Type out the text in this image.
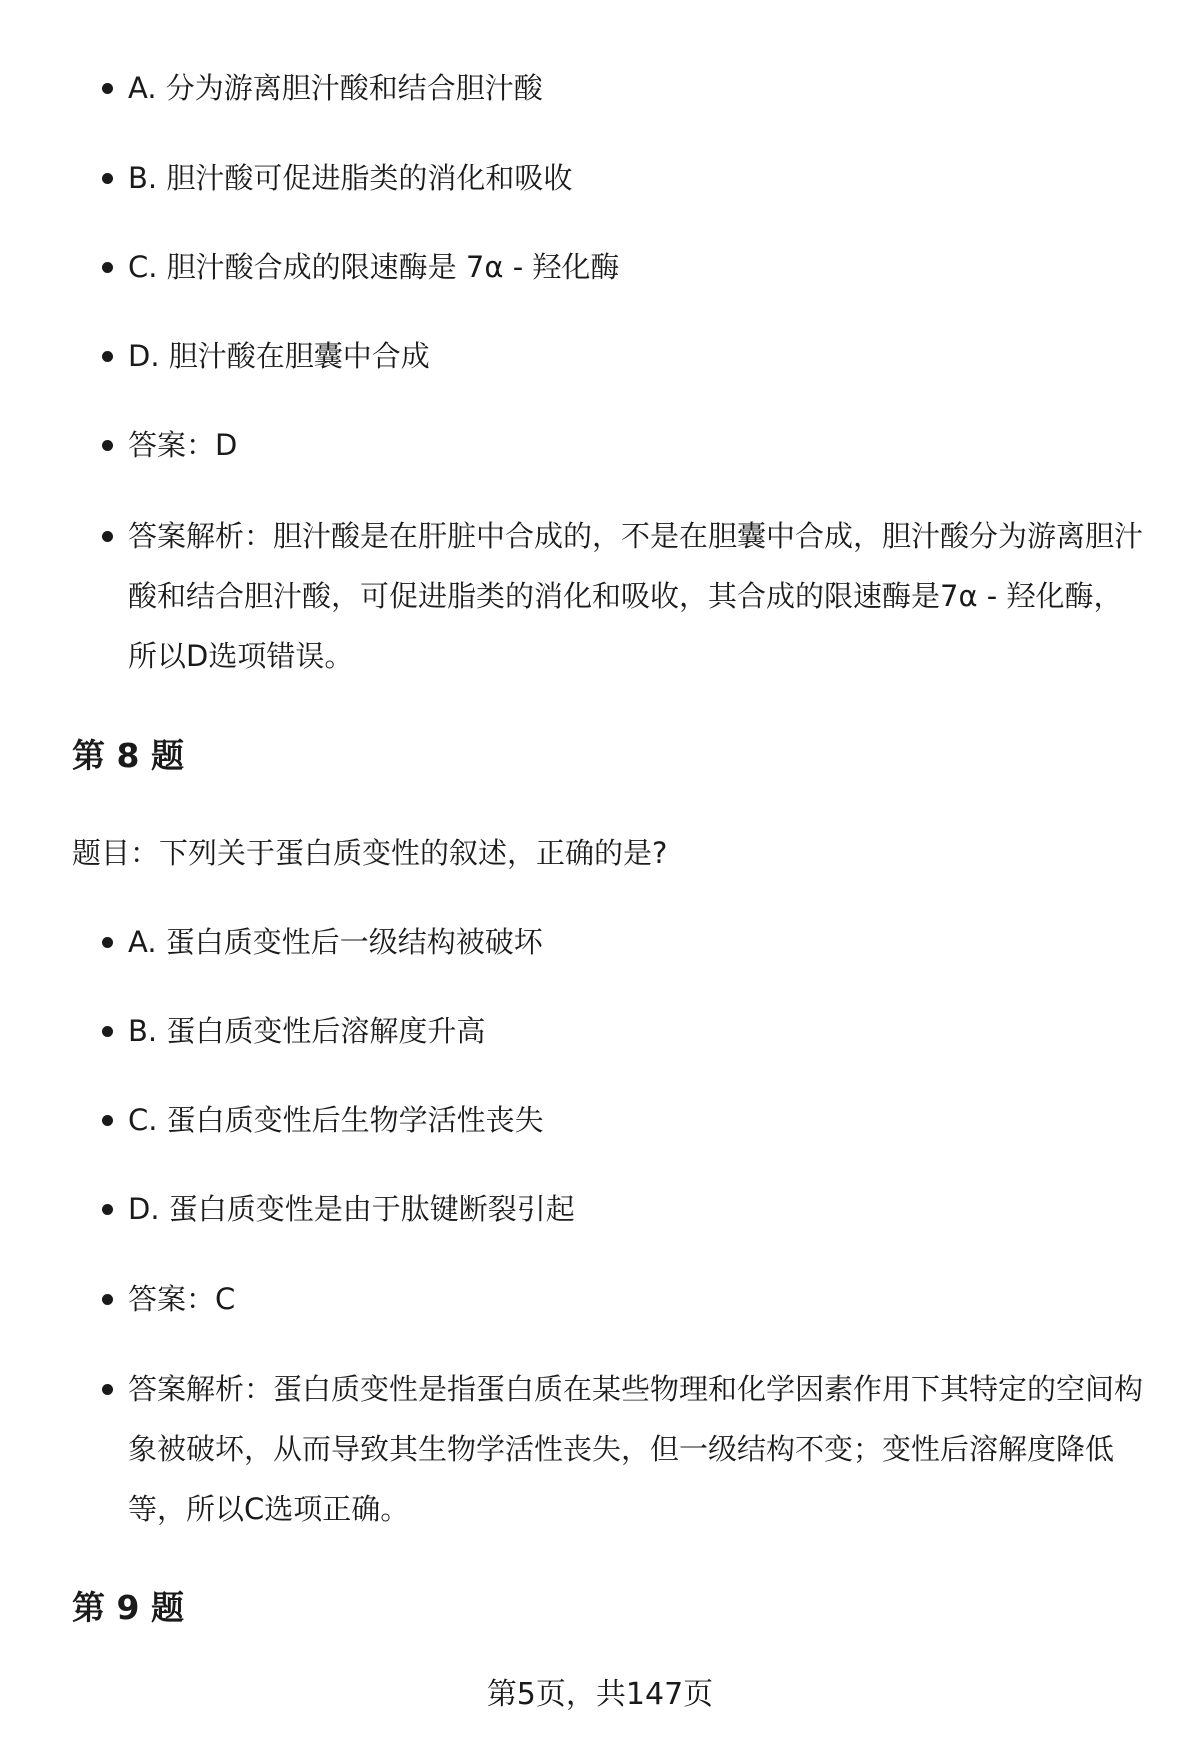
A. 分为游离胆汁酸和结合胆汁酸
B. 胆汁酸可促进脂类的消化和吸收
C. 胆汁酸合成的限速酶是 7α - 羟化酶
D. 胆汁酸在胆囊中合成
答案：D
答案解析：胆汁酸是在肝脏中合成的，不是在胆囊中合成，胆汁酸分为游离胆汁酸和结合胆汁酸，可促进脂类的消化和吸收，其合成的限速酶是7α - 羟化酶，所以D选项错误。
第 8 题

题目：下列关于蛋白质变性的叙述，正确的是?

A. 蛋白质变性后一级结构被破坏
B. 蛋白质变性后溶解度升高
C. 蛋白质变性后生物学活性丧失
D. 蛋白质变性是由于肽键断裂引起
答案：C
答案解析：蛋白质变性是指蛋白质在某些物理和化学因素作用下其特定的空间构象被破坏，从而导致其生物学活性丧失，但一级结构不变；变性后溶解度降低等，所以C选项正确。
第 9 题
第5页，共147页
